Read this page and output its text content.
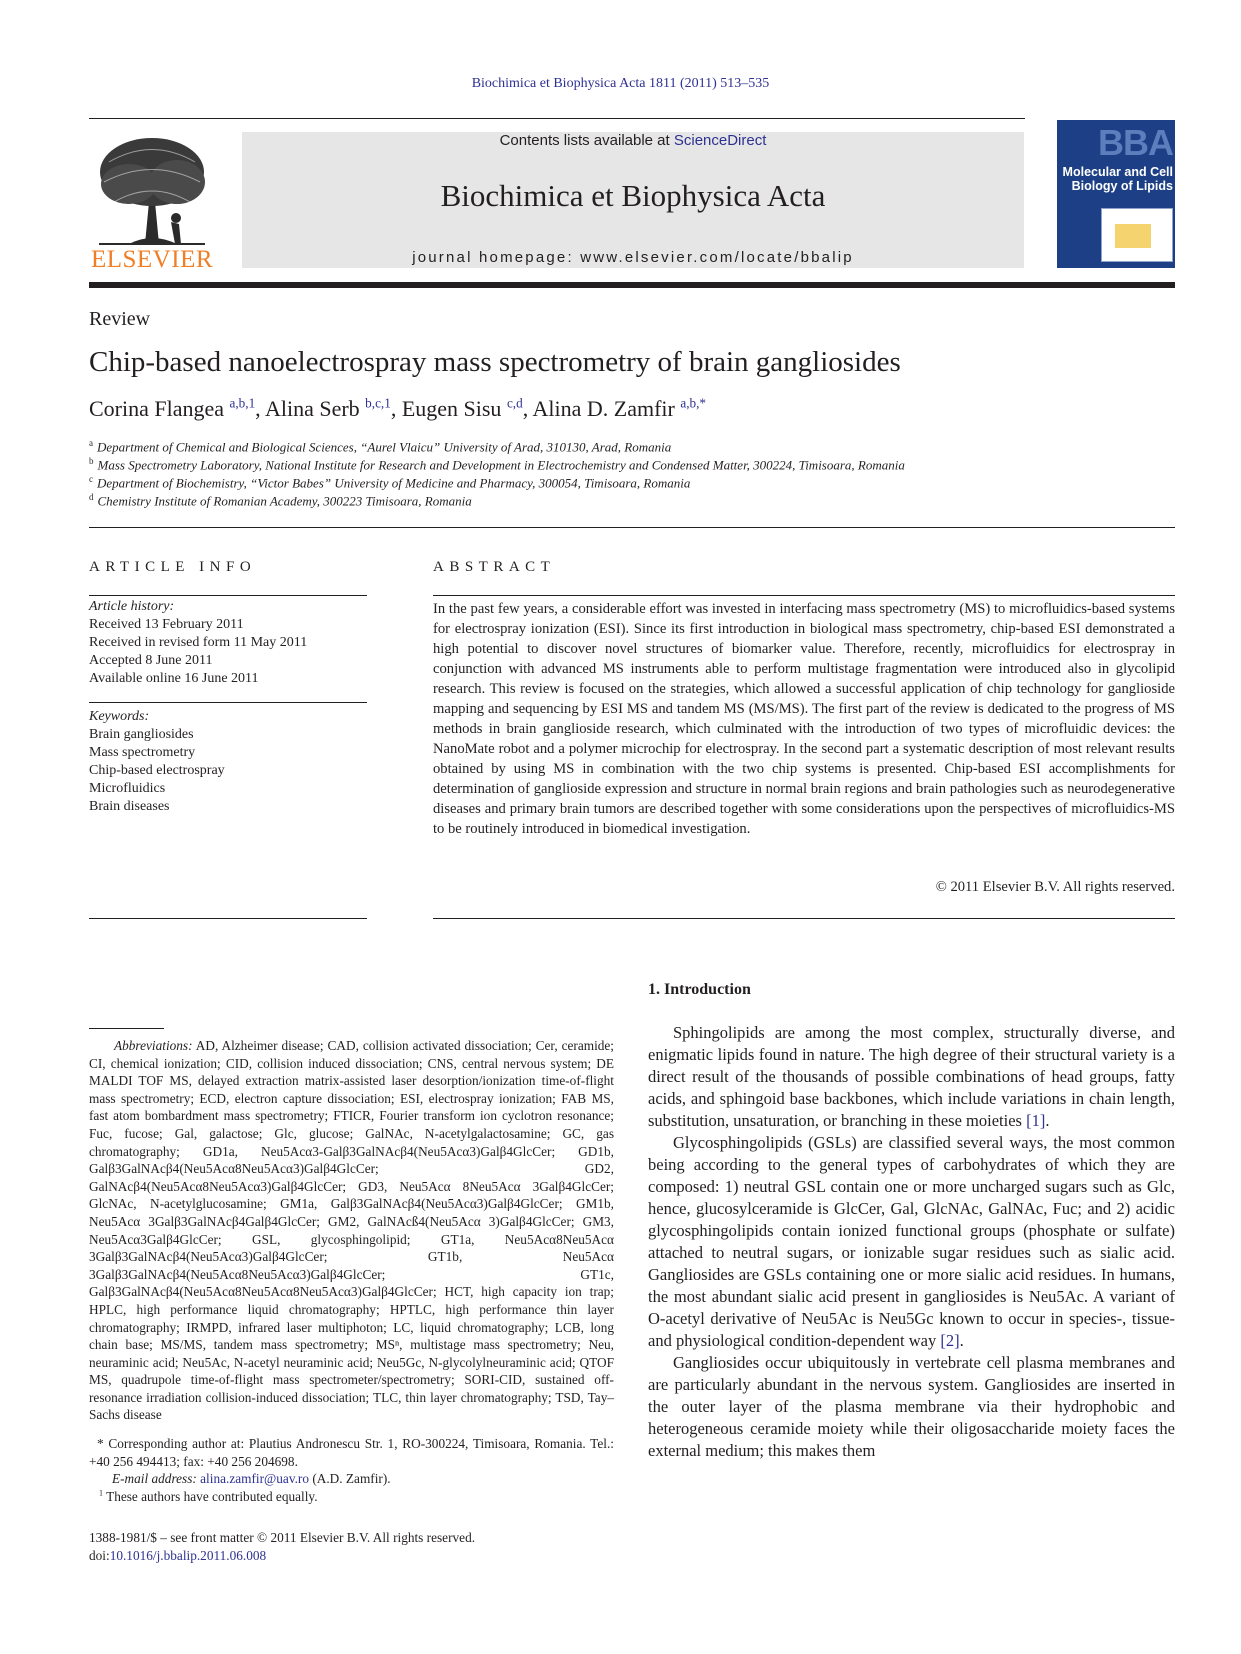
Biochimica et Biophysica Acta 1811 (2011) 513–535
ELSEVIER
Contents lists available at ScienceDirect
Biochimica et Biophysica Acta
journal homepage: www.elsevier.com/locate/bbalip
BBA
Molecular and Cell Biology of Lipids
Review
Chip-based nanoelectrospray mass spectrometry of brain gangliosides
Corina Flangea $^{a,b,1}$, Alina Serb $^{b,c,1}$, Eugen Sisu $^{c,d}$, Alina D. Zamfir $^{a,b,*}$
$^a$ Department of Chemical and Biological Sciences, “Aurel Vlaicu” University of Arad, 310130, Arad, Romania
$^b$ Mass Spectrometry Laboratory, National Institute for Research and Development in Electrochemistry and Condensed Matter, 300224, Timisoara, Romania
$^c$ Department of Biochemistry, “Victor Babes” University of Medicine and Pharmacy, 300054, Timisoara, Romania
$^d$ Chemistry Institute of Romanian Academy, 300223 Timisoara, Romania
ARTICLE INFO
Article history:
Received 13 February 2011
Received in revised form 11 May 2011
Accepted 8 June 2011
Available online 16 June 2011
Keywords:
Brain gangliosides
Mass spectrometry
Chip-based electrospray
Microfluidics
Brain diseases
ABSTRACT
In the past few years, a considerable effort was invested in interfacing mass spectrometry (MS) to microfluidics-based systems for electrospray ionization (ESI). Since its first introduction in biological mass spectrometry, chip-based ESI demonstrated a high potential to discover novel structures of biomarker value. Therefore, recently, microfluidics for electrospray in conjunction with advanced MS instruments able to perform multistage fragmentation were introduced also in glycolipid research. This review is focused on the strategies, which allowed a successful application of chip technology for ganglioside mapping and sequencing by ESI MS and tandem MS (MS/MS). The first part of the review is dedicated to the progress of MS methods in brain ganglioside research, which culminated with the introduction of two types of microfluidic devices: the NanoMate robot and a polymer microchip for electrospray. In the second part a systematic description of most relevant results obtained by using MS in combination with the two chip systems is presented. Chip-based ESI accomplishments for determination of ganglioside expression and structure in normal brain regions and brain pathologies such as neurodegenerative diseases and primary brain tumors are described together with some considerations upon the perspectives of microfluidics-MS to be routinely introduced in biomedical investigation.
© 2011 Elsevier B.V. All rights reserved.
1. Introduction

Sphingolipids are among the most complex, structurally diverse, and enigmatic lipids found in nature. The high degree of their structural variety is a direct result of the thousands of possible combinations of head groups, fatty acids, and sphingoid base backbones, which include variations in chain length, substitution, unsaturation, or branching in these moieties [1].

Glycosphingolipids (GSLs) are classified several ways, the most common being according to the general types of carbohydrates of which they are composed: 1) neutral GSL contain one or more uncharged sugars such as Glc, hence, glucosylceramide is GlcCer, Gal, GlcNAc, GalNAc, Fuc; and 2) acidic glycosphingolipids contain ionized functional groups (phosphate or sulfate) attached to neutral sugars, or ionizable sugar residues such as sialic acid. Gangliosides are GSLs containing one or more sialic acid residues. In humans, the most abundant sialic acid present in gangliosides is Neu5Ac. A variant of O-acetyl derivative of Neu5Ac is Neu5Gc known to occur in species-, tissue- and physiological condition-dependent way [2].

Gangliosides occur ubiquitously in vertebrate cell plasma membranes and are particularly abundant in the nervous system. Gangliosides are inserted in the outer layer of the plasma membrane via their hydrophobic and heterogeneous ceramide moiety while their oligosaccharide moiety faces the external medium; this makes them

Abbreviations: AD, Alzheimer disease; CAD, collision activated dissociation; Cer, ceramide; CI, chemical ionization; CID, collision induced dissociation; CNS, central nervous system; DE MALDI TOF MS, delayed extraction matrix-assisted laser desorption/ionization time-of-flight mass spectrometry; ECD, electron capture dissociation; ESI, electrospray ionization; FAB MS, fast atom bombardment mass spectrometry; FTICR, Fourier transform ion cyclotron resonance; Fuc, fucose; Gal, galactose; Glc, glucose; GalNAc, N-acetylgalactosamine; GC, gas chromatography; GD1a, Neu5Acα3-Galβ3GalNAcβ4(Neu5Acα3)Galβ4GlcCer; GD1b, Galβ3GalNAcβ4(Neu5Acα8Neu5Acα3)Galβ4GlcCer; GD2, GalNAcβ4(Neu5Acα8Neu5Acα3)Galβ4GlcCer; GD3, Neu5Acα 8Neu5Acα 3Galβ4GlcCer; GlcNAc, N-acetylglucosamine; GM1a, Galβ3GalNAcβ4(Neu5Acα3)Galβ4GlcCer; GM1b, Neu5Acα 3Galβ3GalNAcβ4Galβ4GlcCer; GM2, GalNAcß4(Neu5Acα 3)Galβ4GlcCer; GM3, Neu5Acα3Galβ4GlcCer; GSL, glycosphingolipid; GT1a, Neu5Acα8Neu5Acα 3Galβ3GalNAcβ4(Neu5Acα3)Galβ4GlcCer; GT1b, Neu5Acα 3Galβ3GalNAcβ4(Neu5Acα8Neu5Acα3)Galβ4GlcCer; GT1c, Galβ3GalNAcβ4(Neu5Acα8Neu5Acα8Neu5Acα3)Galβ4GlcCer; HCT, high capacity ion trap; HPLC, high performance liquid chromatography; HPTLC, high performance thin layer chromatography; IRMPD, infrared laser multiphoton; LC, liquid chromatography; LCB, long chain base; MS/MS, tandem mass spectrometry; MSⁿ, multistage mass spectrometry; Neu, neuraminic acid; Neu5Ac, N-acetyl neuraminic acid; Neu5Gc, N-glycolylneuraminic acid; QTOF MS, quadrupole time-of-flight mass spectrometer/spectrometry; SORI-CID, sustained off-resonance irradiation collision-induced dissociation; TLC, thin layer chromatography; TSD, Tay–Sachs disease
* Corresponding author at: Plautius Andronescu Str. 1, RO-300224, Timisoara, Romania. Tel.: +40 256 494413; fax: +40 256 204698.
E-mail address: alina.zamfir@uav.ro (A.D. Zamfir).
$^1$ These authors have contributed equally.
1388-1981/$ – see front matter © 2011 Elsevier B.V. All rights reserved.
doi:10.1016/j.bbalip.2011.06.008
